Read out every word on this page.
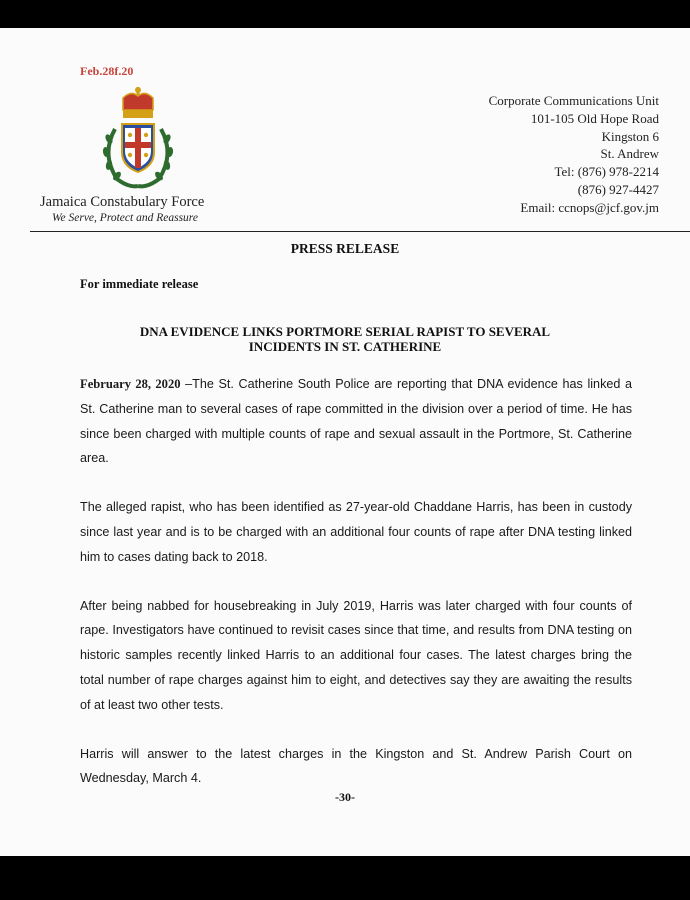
Feb.28f.20
Jamaica Constabulary Force
We Serve, Protect and Reassure
Corporate Communications Unit
101-105 Old Hope Road
Kingston 6
St. Andrew
Tel: (876) 978-2214
(876) 927-4427
Email: ccnops@jcf.gov.jm
PRESS RELEASE
For immediate release
DNA EVIDENCE LINKS PORTMORE SERIAL RAPIST TO SEVERAL INCIDENTS IN ST. CATHERINE

February 28, 2020 –The St. Catherine South Police are reporting that DNA evidence has linked a St. Catherine man to several cases of rape committed in the division over a period of time. He has since been charged with multiple counts of rape and sexual assault in the Portmore, St. Catherine area.

The alleged rapist, who has been identified as 27-year-old Chaddane Harris, has been in custody since last year and is to be charged with an additional four counts of rape after DNA testing linked him to cases dating back to 2018.

After being nabbed for housebreaking in July 2019, Harris was later charged with four counts of rape. Investigators have continued to revisit cases since that time, and results from DNA testing on historic samples recently linked Harris to an additional four cases. The latest charges bring the total number of rape charges against him to eight, and detectives say they are awaiting the results of at least two other tests.

Harris will answer to the latest charges in the Kingston and St. Andrew Parish Court on Wednesday, March 4.

-30-
